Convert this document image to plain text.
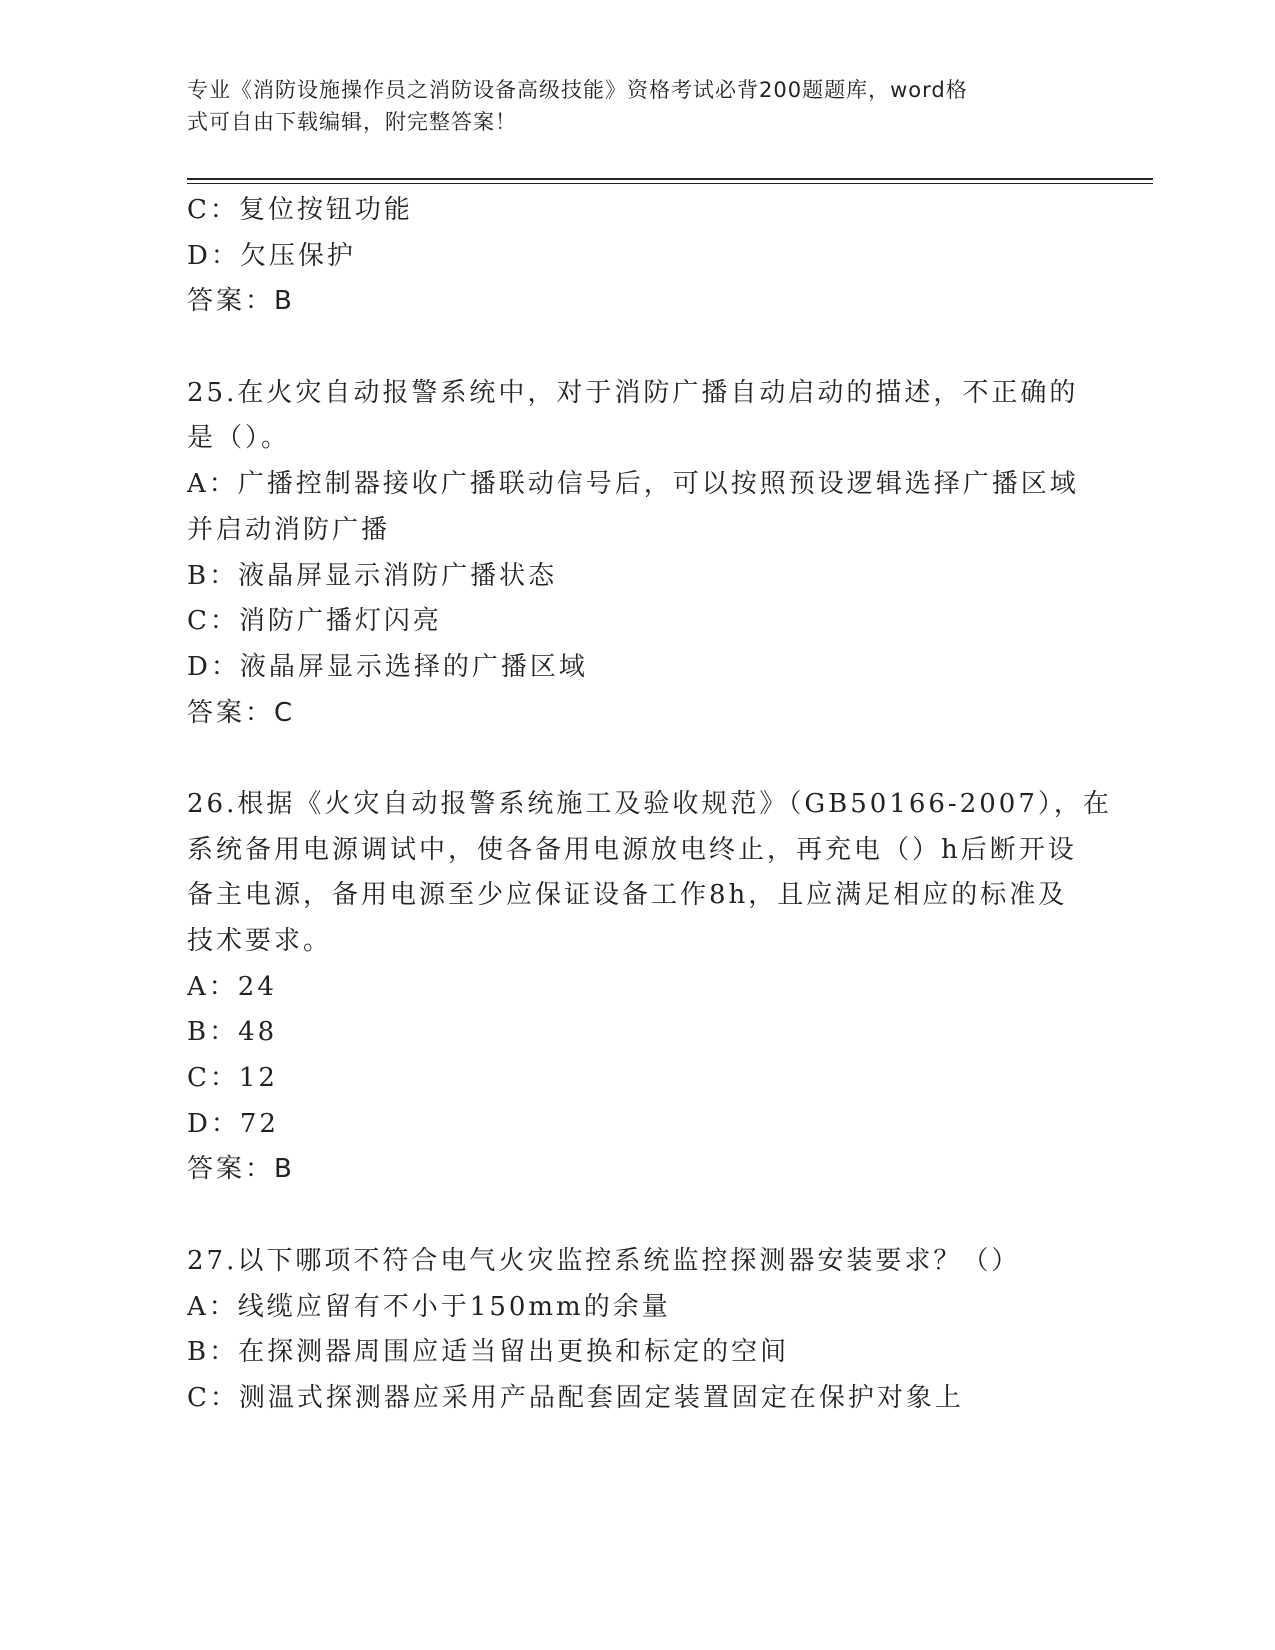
专业《消防设施操作员之消防设备高级技能》资格考试必背200题题库，word格
式可自由下载编辑，附完整答案！

C：复位按钮功能

D：欠压保护

答案：B

25.在火灾自动报警系统中，对于消防广播自动启动的描述，不正确的

是（）。

A：广播控制器接收广播联动信号后，可以按照预设逻辑选择广播区域

并启动消防广播

B：液晶屏显示消防广播状态

C：消防广播灯闪亮

D：液晶屏显示选择的广播区域

答案：C

26.根据《火灾自动报警系统施工及验收规范》（GB50166-2007），在

系统备用电源调试中，使各备用电源放电终止，再充电（）h后断开设

备主电源，备用电源至少应保证设备工作8h，且应满足相应的标准及

技术要求。

A：24

B：48

C：12

D：72

答案：B

27.以下哪项不符合电气火灾监控系统监控探测器安装要求？（）

A：线缆应留有不小于150mm的余量

B：在探测器周围应适当留出更换和标定的空间

C：测温式探测器应采用产品配套固定装置固定在保护对象上
